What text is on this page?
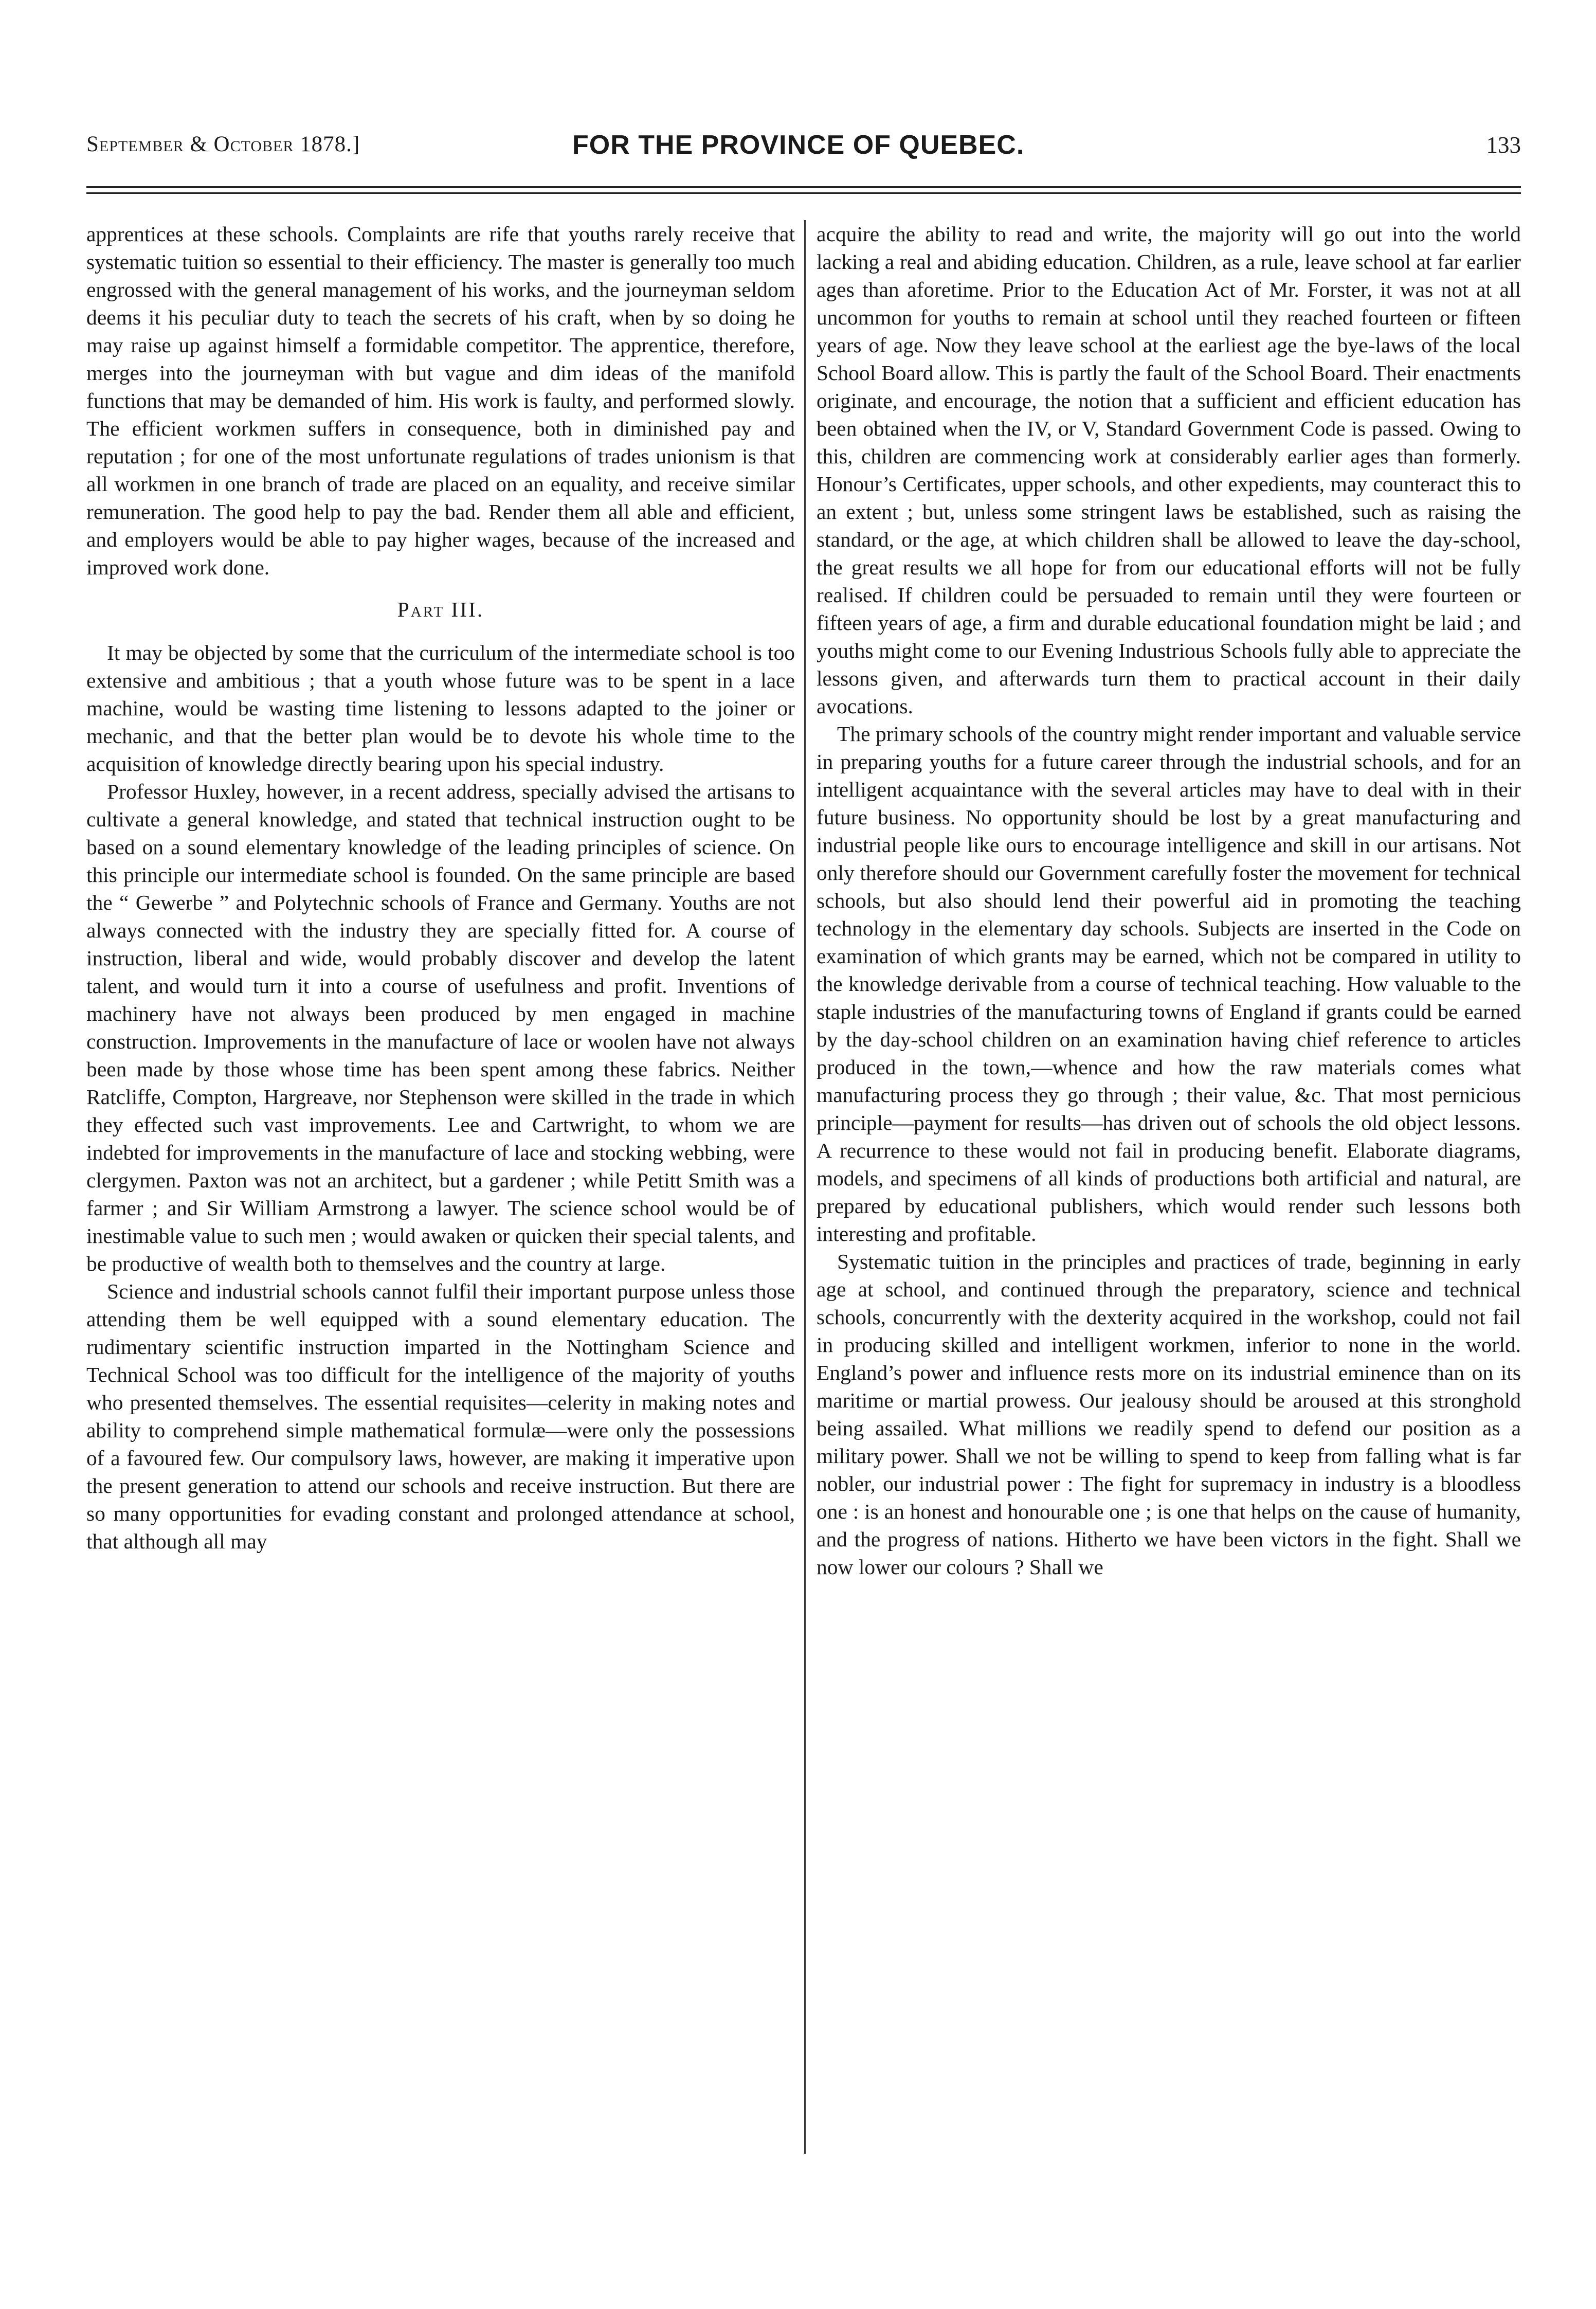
September & October 1878.]	FOR THE PROVINCE OF QUEBEC.	133

apprentices at these schools. Complaints are rife that youths rarely receive that systematic tuition so essential to their efficiency. The master is generally too much engrossed with the general management of his works, and the journeyman seldom deems it his peculiar duty to teach the secrets of his craft, when by so doing he may raise up against himself a formidable competitor. The apprentice, therefore, merges into the journeyman with but vague and dim ideas of the manifold functions that may be demanded of him. His work is faulty, and performed slowly. The efficient workmen suffers in consequence, both in diminished pay and reputation ; for one of the most unfortunate regulations of trades unionism is that all workmen in one branch of trade are placed on an equality, and receive similar remuneration. The good help to pay the bad. Render them all able and efficient, and employers would be able to pay higher wages, because of the increased and improved work done.

Part III.

It may be objected by some that the curriculum of the intermediate school is too extensive and ambitious ; that a youth whose future was to be spent in a lace machine, would be wasting time listening to lessons adapted to the joiner or mechanic, and that the better plan would be to devote his whole time to the acquisition of knowledge directly bearing upon his special industry.

Professor Huxley, however, in a recent address, specially advised the artisans to cultivate a general knowledge, and stated that technical instruction ought to be based on a sound elementary knowledge of the leading principles of science. On this principle our intermediate school is founded. On the same principle are based the “ Gewerbe ” and Polytechnic schools of France and Germany. Youths are not always connected with the industry they are specially fitted for. A course of instruction, liberal and wide, would probably discover and develop the latent talent, and would turn it into a course of usefulness and profit. Inventions of machinery have not always been produced by men engaged in machine construction. Improvements in the manufacture of lace or woolen have not always been made by those whose time has been spent among these fabrics. Neither Ratcliffe, Compton, Hargreave, nor Stephenson were skilled in the trade in which they effected such vast improvements. Lee and Cartwright, to whom we are indebted for improvements in the manufacture of lace and stocking webbing, were clergymen. Paxton was not an architect, but a gardener ; while Petitt Smith was a farmer ; and Sir William Armstrong a lawyer. The science school would be of inestimable value to such men ; would awaken or quicken their special talents, and be productive of wealth both to themselves and the country at large.

Science and industrial schools cannot fulfil their important purpose unless those attending them be well equipped with a sound elementary education. The rudimentary scientific instruction imparted in the Nottingham Science and Technical School was too difficult for the intelligence of the majority of youths who presented themselves. The essential requisites—celerity in making notes and ability to comprehend simple mathematical formulæ—were only the possessions of a favoured few. Our compulsory laws, however, are making it imperative upon the present generation to attend our schools and receive instruction. But there are so many opportunities for evading constant and prolonged attendance at school, that although all may

acquire the ability to read and write, the majority will go out into the world lacking a real and abiding education. Children, as a rule, leave school at far earlier ages than aforetime. Prior to the Education Act of Mr. Forster, it was not at all uncommon for youths to remain at school until they reached fourteen or fifteen years of age. Now they leave school at the earliest age the bye-laws of the local School Board allow. This is partly the fault of the School Board. Their enactments originate, and encourage, the notion that a sufficient and efficient education has been obtained when the IV, or V, Standard Government Code is passed. Owing to this, children are commencing work at considerably earlier ages than formerly. Honour’s Certificates, upper schools, and other expedients, may counteract this to an extent ; but, unless some stringent laws be established, such as raising the standard, or the age, at which children shall be allowed to leave the day-school, the great results we all hope for from our educational efforts will not be fully realised. If children could be persuaded to remain until they were fourteen or fifteen years of age, a firm and durable educational foundation might be laid ; and youths might come to our Evening Industrious Schools fully able to appreciate the lessons given, and afterwards turn them to practical account in their daily avocations.

The primary schools of the country might render important and valuable service in preparing youths for a future career through the industrial schools, and for an intelligent acquaintance with the several articles may have to deal with in their future business. No opportunity should be lost by a great manufacturing and industrial people like ours to encourage intelligence and skill in our artisans. Not only therefore should our Government carefully foster the movement for technical schools, but also should lend their powerful aid in promoting the teaching technology in the elementary day schools. Subjects are inserted in the Code on examination of which grants may be earned, which not be compared in utility to the knowledge derivable from a course of technical teaching. How valuable to the staple industries of the manufacturing towns of England if grants could be earned by the day-school children on an examination having chief reference to articles produced in the town,—whence and how the raw materials comes what manufacturing process they go through ; their value, &c. That most pernicious principle—payment for results—has driven out of schools the old object lessons. A recurrence to these would not fail in producing benefit. Elaborate diagrams, models, and specimens of all kinds of productions both artificial and natural, are prepared by educational publishers, which would render such lessons both interesting and profitable.

Systematic tuition in the principles and practices of trade, beginning in early age at school, and continued through the preparatory, science and technical schools, concurrently with the dexterity acquired in the workshop, could not fail in producing skilled and intelligent workmen, inferior to none in the world. England’s power and influence rests more on its industrial eminence than on its maritime or martial prowess. Our jealousy should be aroused at this stronghold being assailed. What millions we readily spend to defend our position as a military power. Shall we not be willing to spend to keep from falling what is far nobler, our industrial power : The fight for supremacy in industry is a bloodless one : is an honest and honourable one ; is one that helps on the cause of humanity, and the progress of nations. Hitherto we have been victors in the fight. Shall we now lower our colours ? Shall we
